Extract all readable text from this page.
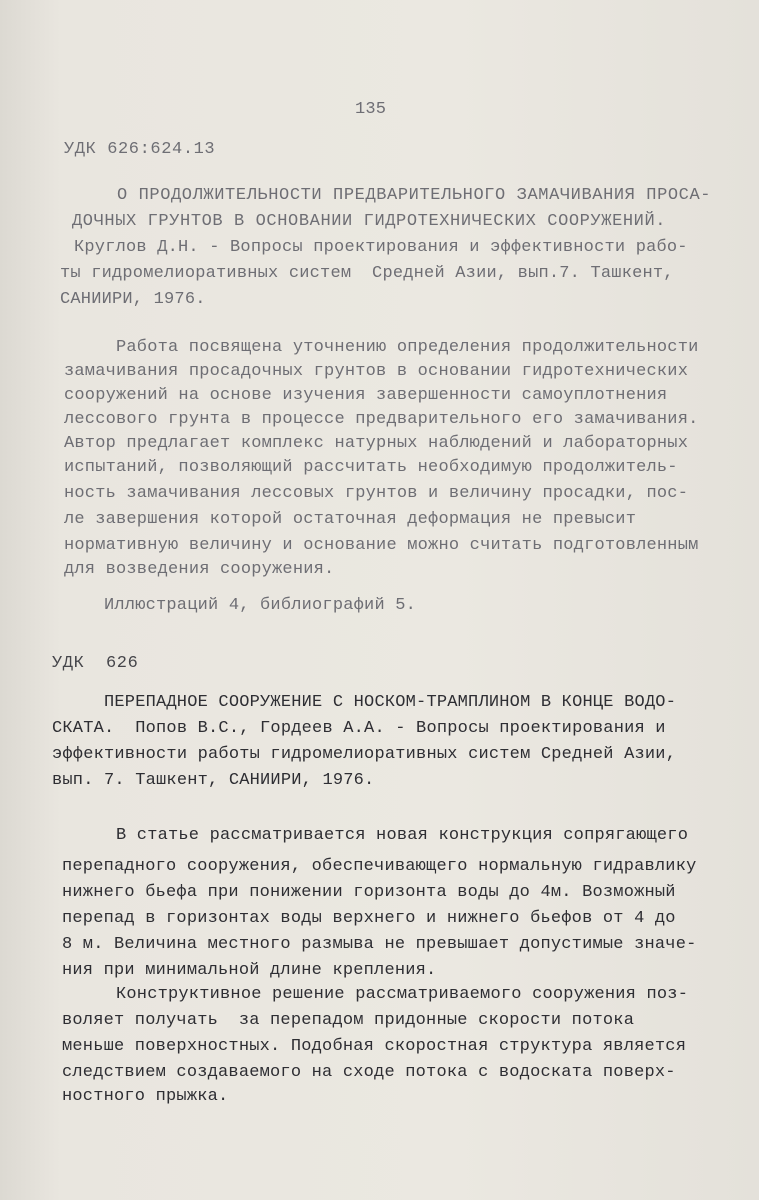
135
УДК 626:624.13
О ПРОДОЛЖИТЕЛЬНОСТИ ПРЕДВАРИТЕЛЬНОГО ЗАМАЧИВАНИЯ ПРОСА-
ДОЧНЫХ ГРУНТОВ В ОСНОВАНИИ ГИДРОТЕХНИЧЕСКИХ СООРУЖЕНИЙ.
Круглов Д.Н. - Вопросы проектирования и эффективности рабо-
ты гидромелиоративных систем  Средней Азии, вып.7. Ташкент,
САНИИРИ, 1976.
Работа посвящена уточнению определения продолжительности
замачивания просадочных грунтов в основании гидротехнических
сооружений на основе изучения завершенности самоуплотнения
лессового грунта в процессе предварительного его замачивания.
Автор предлагает комплекс натурных наблюдений и лабораторных
испытаний, позволяющий рассчитать необходимую продолжитель-
ность замачивания лессовых грунтов и величину просадки, пос-
ле завершения которой остаточная деформация не превысит
нормативную величину и основание можно считать подготовленным
для возведения сооружения.
Иллюстраций 4, библиографий 5.
УДК  626
ПЕРЕПАДНОЕ СООРУЖЕНИЕ С НОСКОМ-ТРАМПЛИНОМ В КОНЦЕ ВОДО-
СКАТА.  Попов В.С., Гордеев А.А. - Вопросы проектирования и
эффективности работы гидромелиоративных систем Средней Азии,
вып. 7. Ташкент, САНИИРИ, 1976.
В статье рассматривается новая конструкция сопрягающего
перепадного сооружения, обеспечивающего нормальную гидравлику
нижнего бьефа при понижении горизонта воды до 4м. Возможный
перепад в горизонтах воды верхнего и нижнего бьефов от 4 до
8 м. Величина местного размыва не превышает допустимые значе-
ния при минимальной длине крепления.
Конструктивное решение рассматриваемого сооружения поз-
воляет получать  за перепадом придонные скорости потока
меньше поверхностных. Подобная скоростная структура является
следствием создаваемого на сходе потока с водоската поверх-
ностного прыжка.
